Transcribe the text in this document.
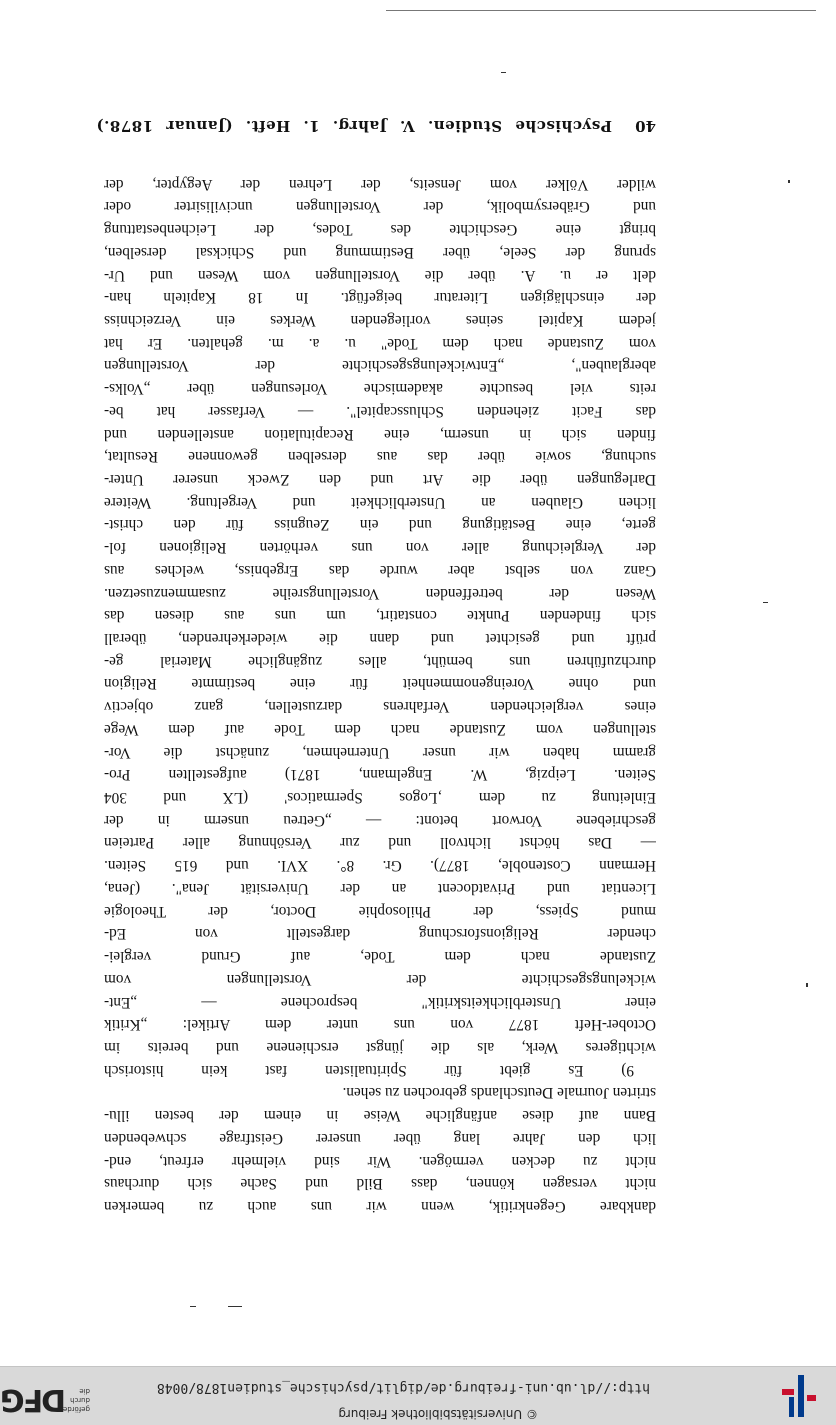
http://dl.ub.uni-freiburg.de/diglit/psychische_studien1878/0048
© Universitätsbibliothek Freiburg
gefördert durch die
DFG
40
Psychische Studien. V. Jahrg. 1. Heft. (Januar 1878.)
dankbare Gegenkritik, wenn wir uns auch zu bemerken
nicht versagen können, dass Bild und Sache sich durchaus
nicht zu decken vermögen. Wir sind vielmehr erfreut, end-
lich den Jahre lang über unserer Geistfrage schwebenden
Bann auf diese anfängliche Weise in einem der besten illu-
strirten Journale Deutschlands gebrochen zu sehen.
9) Es giebt für Spiritualisten fast kein historisch
wichtigeres Werk, als die jüngst erschienene und bereits im
October-Heft 1877 von uns unter dem Artikel: „Kritik
einer Unsterblichkeitskritik" besprochene — „Ent-
wickelungsgeschichte der Vorstellungen vom
Zustande nach dem Tode, auf Grund verglei-
chender Religionsforschung dargestellt von Ed-
mund Spiess, der Philosophie Doctor, der Theologie
Licentiat und Privatdocent an der Universität Jena". (Jena,
Hermann Costenoble, 1877). Gr. 8°. XVI. und 615 Seiten.
— Das höchst lichtvoll und zur Versöhnung aller Parteien
geschriebene Vorwort betont: — „Getreu unserm in der
Einleitung zu dem ‚Logos Spermaticos' (LX und 304
Seiten. Leipzig, W. Engelmann, 1871) aufgestellten Pro-
gramm haben wir unser Unternehmen, zunächst die Vor-
stellungen vom Zustande nach dem Tode auf dem Wege
eines vergleichenden Verfahrens darzustellen, ganz objectiv
und ohne Voreingenommenheit für eine bestimmte Religion
durchzuführen uns bemüht, alles zugängliche Material ge-
prüft und gesichtet und dann die wiederkehrenden, überall
sich findenden Punkte constatirt, um uns aus diesen das
Wesen der betreffenden Vorstellungsreihe zusammenzusetzen.
Ganz von selbst aber wurde das Ergebniss, welches aus
der Vergleichung aller von uns verhörten Religionen fol-
gerte, eine Bestätigung und ein Zeugniss für den christ-
lichen Glauben an Unsterblichkeit und Vergeltung. Weitere
Darlegungen über die Art und den Zweck unserer Unter-
suchung, sowie über das aus derselben gewonnene Resultat,
finden sich in unserm, eine Recapitulation anstellenden und
das Facit ziehenden Schlusscapitel". — Verfasser hat be-
reits viel besuchte akademische Vorlesungen über „Volks-
aberglauben", „Entwickelungsgeschichte der Vorstellungen
vom Zustande nach dem Tode" u. a. m. gehalten. Er hat
jedem Kapitel seines vorliegenden Werkes ein Verzeichniss
der einschlägigen Literatur beigefügt. In 18 Kapiteln han-
delt er u. A. über die Vorstellungen vom Wesen und Ur-
sprung der Seele, über Bestimmung und Schicksal derselben,
bringt eine Geschichte des Todes, der Leichenbestattung
und Gräbersymbolik, der Vorstellungen uncivilisirter oder
wilder Völker vom Jenseits, der Lehren der Aegypter, der
